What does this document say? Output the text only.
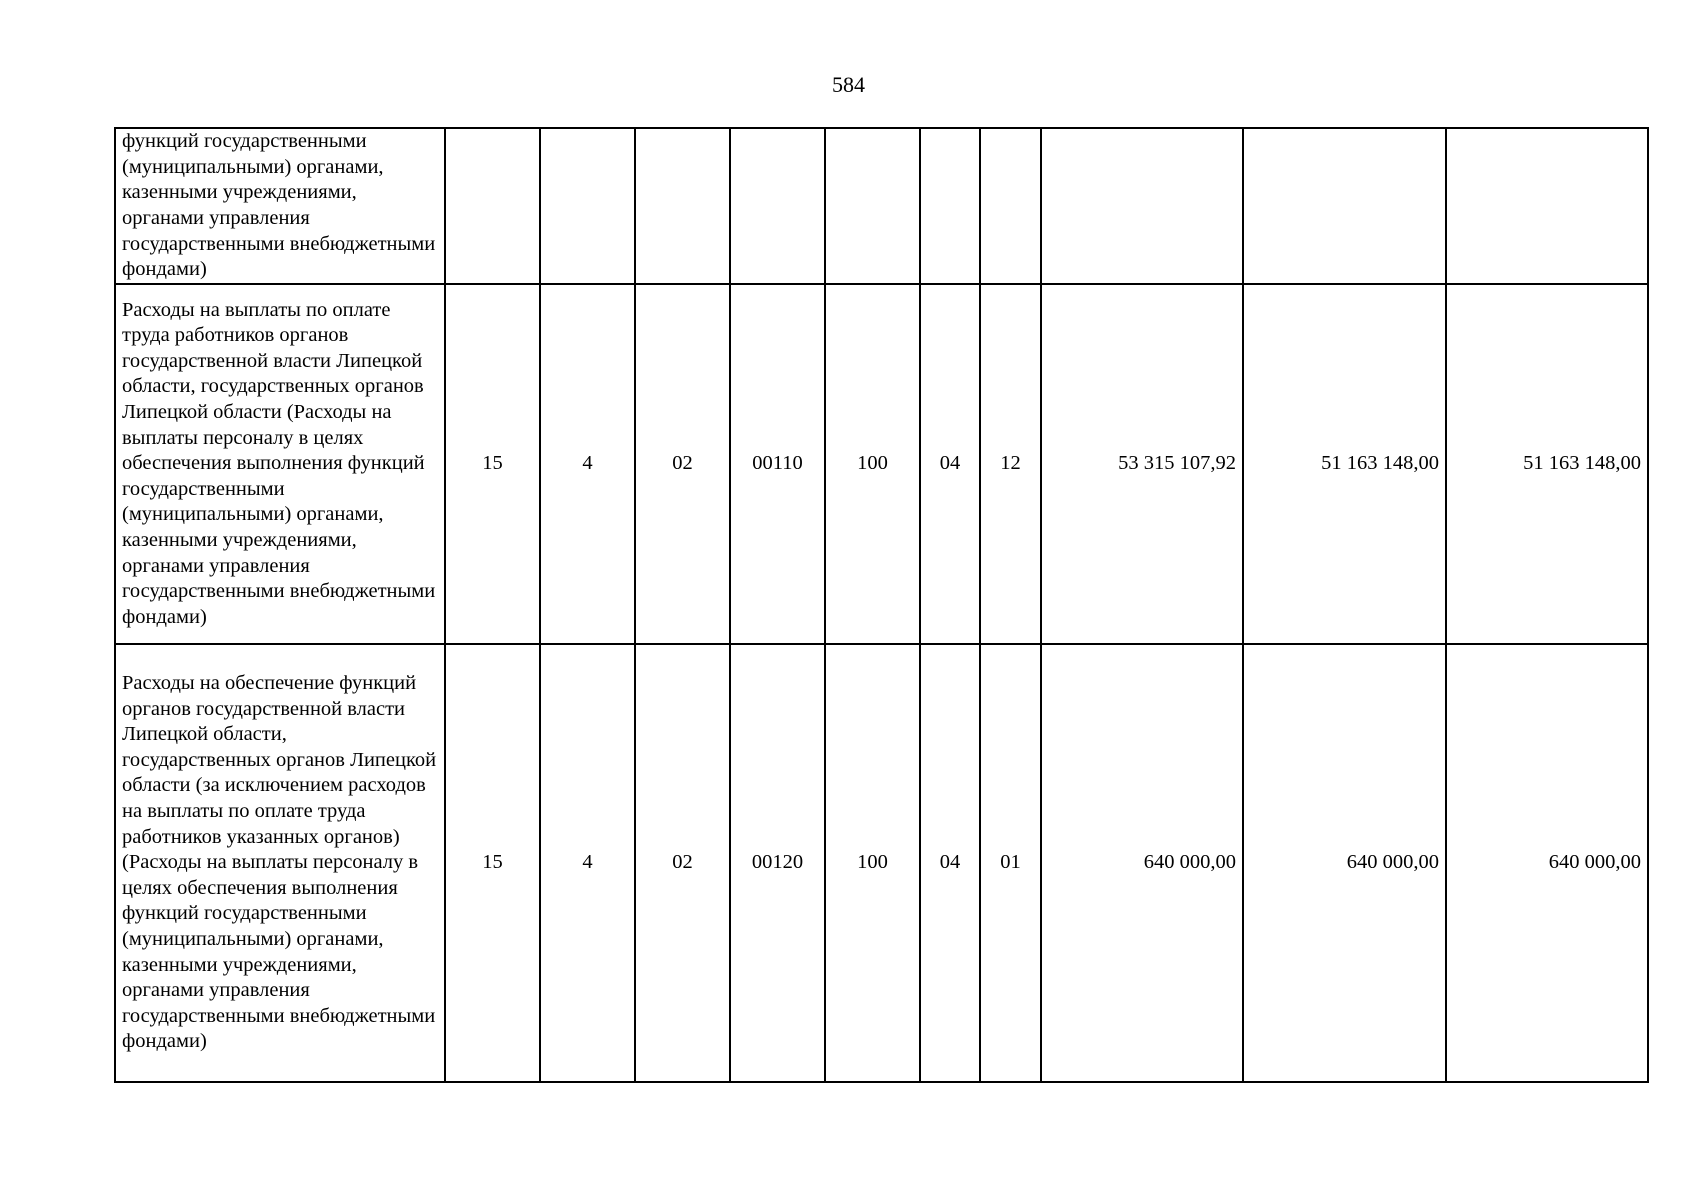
584
функций государственными (муниципальными) органами, казенными учреждениями, органами управления государственными внебюджетными фондами)										
Расходы на выплаты по оплате труда работников органов государственной власти Липецкой области, государственных органов Липецкой области (Расходы на выплаты персоналу в целях обеспечения выполнения функций государственными (муниципальными) органами, казенными учреждениями, органами управления государственными внебюджетными фондами)	15	4	02	00110	100	04	12	53 315 107,92	51 163 148,00	51 163 148,00
Расходы на обеспечение функций органов государственной власти Липецкой области, государственных органов Липецкой области (за исключением расходов на выплаты по оплате труда работников указанных органов) (Расходы на выплаты персоналу в целях обеспечения выполнения функций государственными (муниципальными) органами, казенными учреждениями, органами управления государственными внебюджетными фондами)	15	4	02	00120	100	04	01	640 000,00	640 000,00	640 000,00
